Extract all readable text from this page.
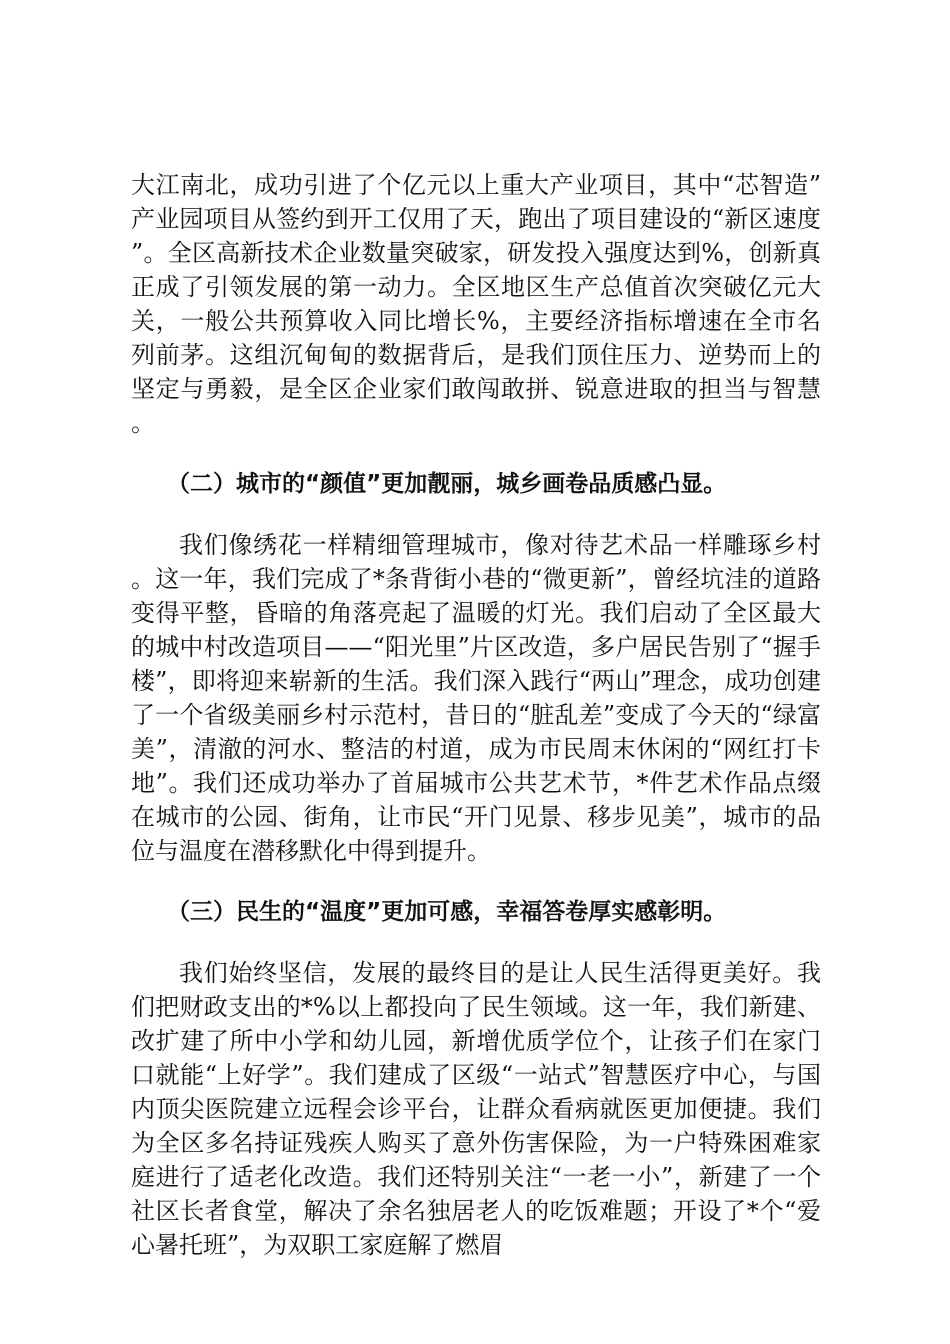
大江南北，成功引进了个亿元以上重大产业项目，其中“芯智造”产业园项目从签约到开工仅用了天，跑出了项目建设的“新区速度”。全区高新技术企业数量突破家，研发投入强度达到%，创新真正成了引领发展的第一动力。全区地区生产总值首次突破亿元大关，一般公共预算收入同比增长%，主要经济指标增速在全市名列前茅。这组沉甸甸的数据背后，是我们顶住压力、逆势而上的坚定与勇毅，是全区企业家们敢闯敢拼、锐意进取的担当与智慧。

（二）城市的“颜值”更加靓丽，城乡画卷品质感凸显。

我们像绣花一样精细管理城市，像对待艺术品一样雕琢乡村。这一年，我们完成了*条背街小巷的“微更新”，曾经坑洼的道路变得平整，昏暗的角落亮起了温暖的灯光。我们启动了全区最大的城中村改造项目——“阳光里”片区改造，多户居民告别了“握手楼”，即将迎来崭新的生活。我们深入践行“两山”理念，成功创建了一个省级美丽乡村示范村，昔日的“脏乱差”变成了今天的“绿富美”，清澈的河水、整洁的村道，成为市民周末休闲的“网红打卡地”。我们还成功举办了首届城市公共艺术节，*件艺术作品点缀在城市的公园、街角，让市民“开门见景、移步见美”，城市的品位与温度在潜移默化中得到提升。

（三）民生的“温度”更加可感，幸福答卷厚实感彰明。

我们始终坚信，发展的最终目的是让人民生活得更美好。我们把财政支出的*%以上都投向了民生领域。这一年，我们新建、改扩建了所中小学和幼儿园，新增优质学位个，让孩子们在家门口就能“上好学”。我们建成了区级“一站式”智慧医疗中心，与国内顶尖医院建立远程会诊平台，让群众看病就医更加便捷。我们为全区多名持证残疾人购买了意外伤害保险，为一户特殊困难家庭进行了适老化改造。我们还特别关注“一老一小”，新建了一个社区长者食堂，解决了余名独居老人的吃饭难题；开设了*个“爱心暑托班”，为双职工家庭解了燃眉
